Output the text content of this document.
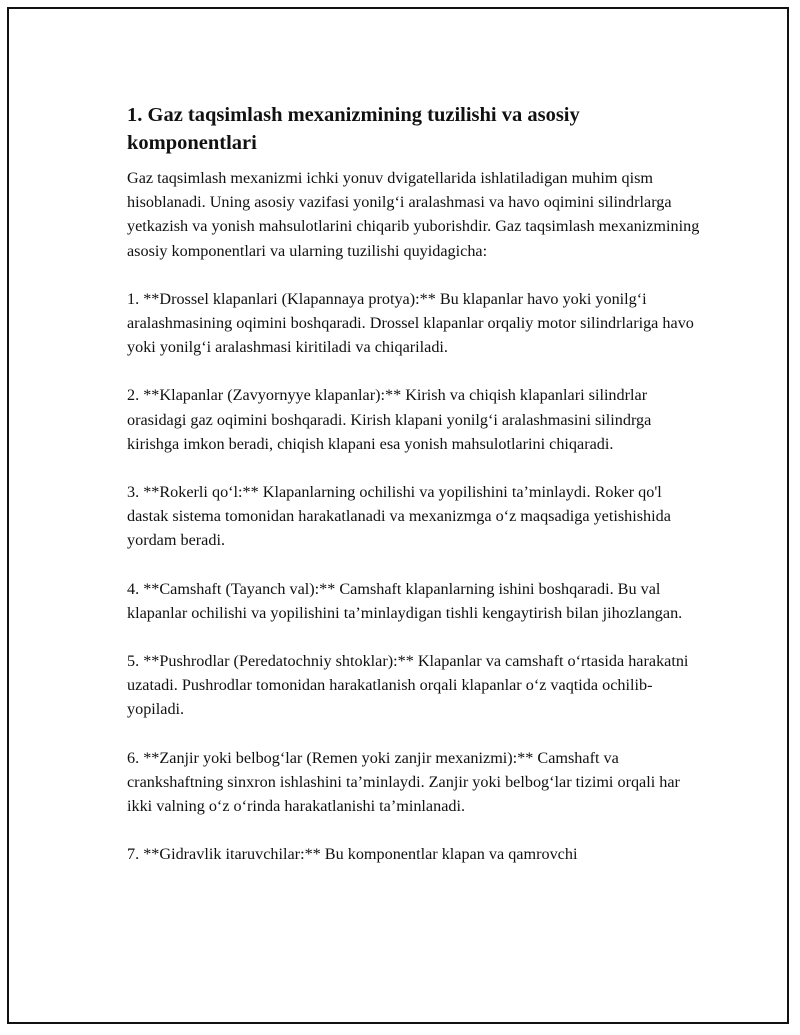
1. Gaz taqsimlash mexanizmining tuzilishi va asosiy komponentlari

Gaz taqsimlash mexanizmi ichki yonuv dvigatellarida ishlatiladigan muhim qism hisoblanadi. Uning asosiy vazifasi yonilg‘i aralashmasi va havo oqimini silindrlarga yetkazish va yonish mahsulotlarini chiqarib yuborishdir. Gaz taqsimlash mexanizmining asosiy komponentlari va ularning tuzilishi quyidagicha:

1. **Drossel klapanlari (Klapannaya protya):** Bu klapanlar havo yoki yonilg‘i aralashmasining oqimini boshqaradi. Drossel klapanlar orqaliy motor silindrlariga havo yoki yonilg‘i aralashmasi kiritiladi va chiqariladi.

2. **Klapanlar (Zavyornyye klapanlar):** Kirish va chiqish klapanlari silindrlar orasidagi gaz oqimini boshqaradi. Kirish klapani yonilg‘i aralashmasini silindrga kirishga imkon beradi, chiqish klapani esa yonish mahsulotlarini chiqaradi.

3. **Rokerli qo‘l:** Klapanlarning ochilishi va yopilishini ta’minlaydi. Roker qo'l dastak sistema tomonidan harakatlanadi va mexanizmga o‘z maqsadiga yetishishida yordam beradi.

4. **Camshaft (Tayanch val):** Camshaft klapanlarning ishini boshqaradi. Bu val klapanlar ochilishi va yopilishini ta’minlaydigan tishli kengaytirish bilan jihozlangan.

5. **Pushrodlar (Peredatochniy shtoklar):** Klapanlar va camshaft o‘rtasida harakatni uzatadi. Pushrodlar tomonidan harakatlanish orqali klapanlar o‘z vaqtida ochilib-yopiladi.

6. **Zanjir yoki belbog‘lar (Remen yoki zanjir mexanizmi):** Camshaft va crankshaftning sinxron ishlashini ta’minlaydi. Zanjir yoki belbog‘lar tizimi orqali har ikki valning o‘z o‘rinda harakatlanishi ta’minlanadi.

7. **Gidravlik itaruvchilar:** Bu komponentlar klapan va qamrovchi
